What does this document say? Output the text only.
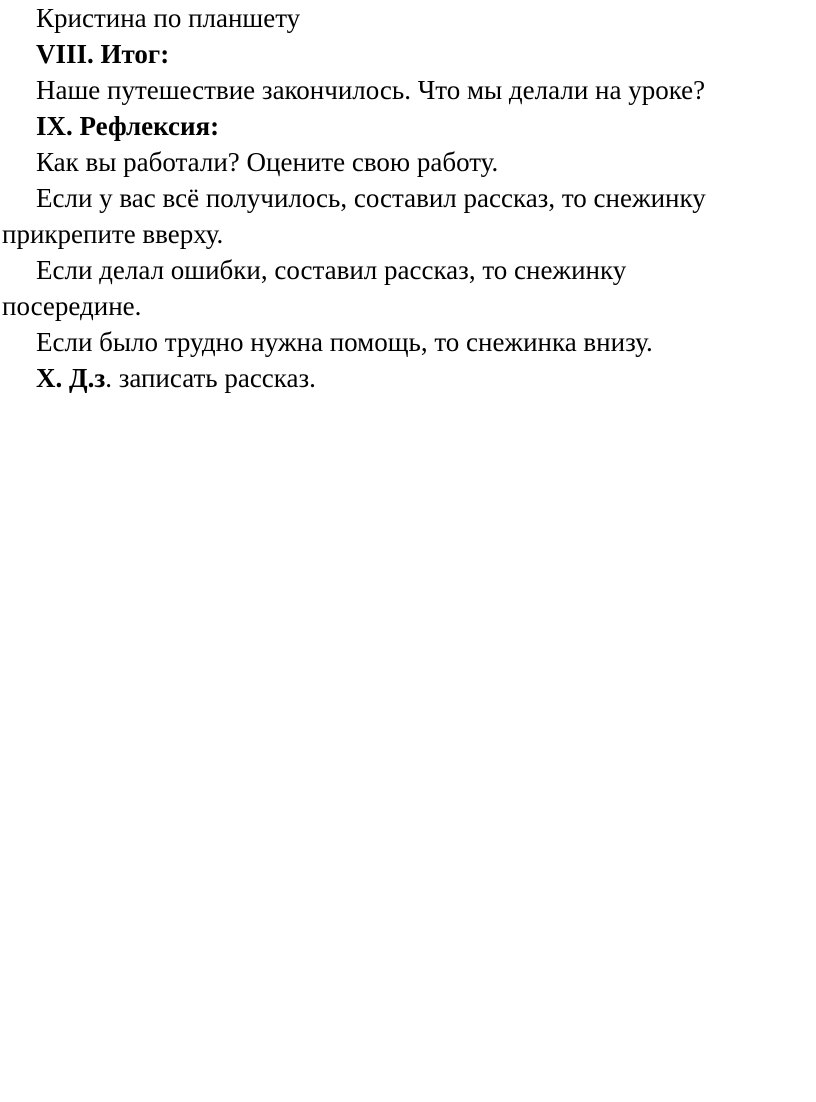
Кристина по планшету

VIII. Итог:

Наше путешествие закончилось. Что мы делали на уроке?

IX. Рефлексия:

Как вы работали? Оцените свою работу.

Если у вас всё получилось, составил рассказ, то снежинку прикрепите вверху.

Если делал ошибки, составил рассказ, то снежинку посередине.

Если было трудно нужна помощь, то снежинка внизу.

X. Д.з. записать рассказ.
